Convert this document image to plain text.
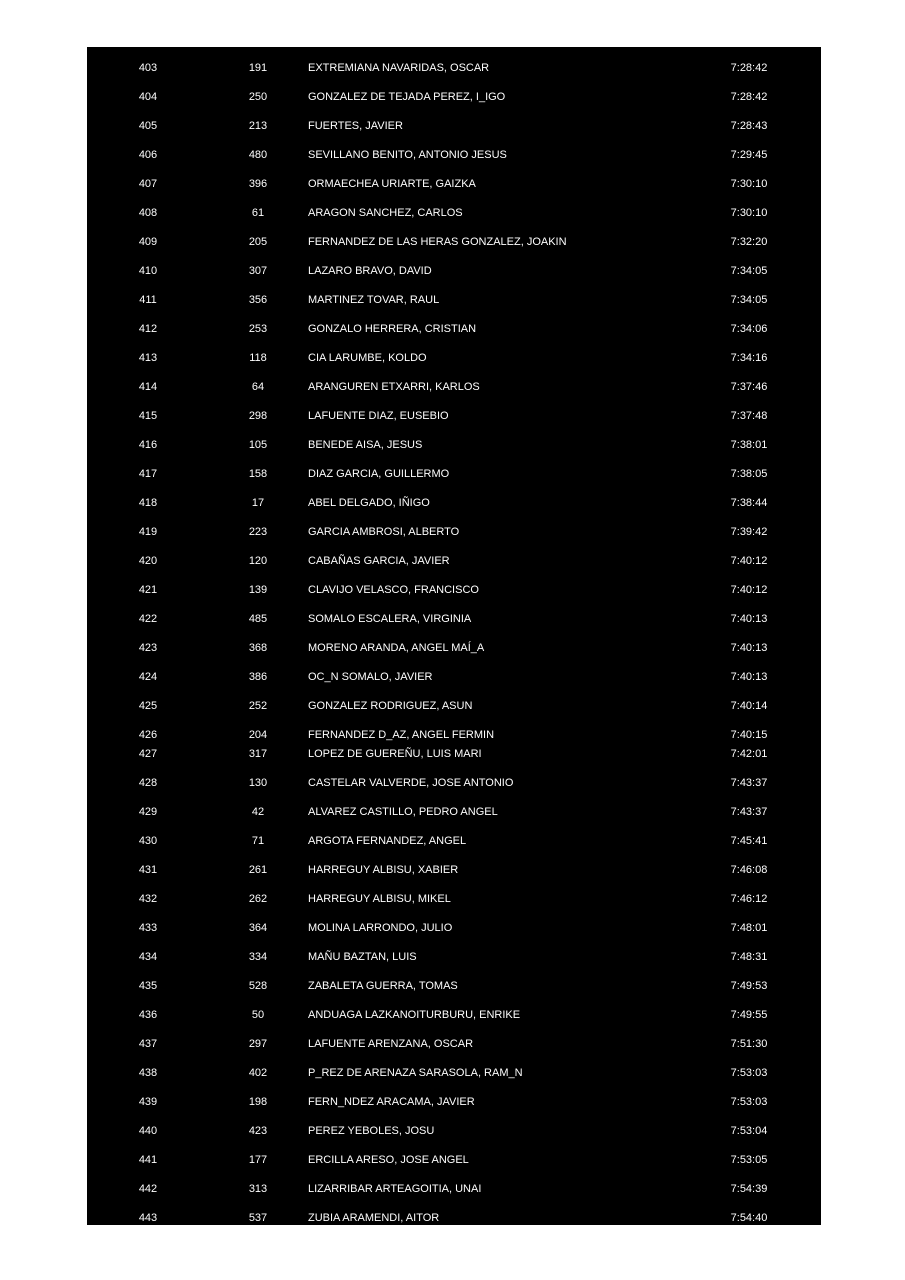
403	191	EXTREMIANA NAVARIDAS, OSCAR	7:28:42
404	250	GONZALEZ DE TEJADA PEREZ, I_IGO	7:28:42
405	213	FUERTES, JAVIER	7:28:43
406	480	SEVILLANO BENITO, ANTONIO JESUS	7:29:45
407	396	ORMAECHEA URIARTE, GAIZKA	7:30:10
408	61	ARAGON SANCHEZ, CARLOS	7:30:10
409	205	FERNANDEZ DE LAS HERAS GONZALEZ, JOAKIN	7:32:20
410	307	LAZARO BRAVO, DAVID	7:34:05
411	356	MARTINEZ TOVAR, RAUL	7:34:05
412	253	GONZALO HERRERA, CRISTIAN	7:34:06
413	118	CIA LARUMBE, KOLDO	7:34:16
414	64	ARANGUREN ETXARRI, KARLOS	7:37:46
415	298	LAFUENTE DIAZ, EUSEBIO	7:37:48
416	105	BENEDE AISA, JESUS	7:38:01
417	158	DIAZ GARCIA, GUILLERMO	7:38:05
418	17	ABEL DELGADO, IÑIGO	7:38:44
419	223	GARCIA AMBROSI, ALBERTO	7:39:42
420	120	CABAÑAS GARCIA, JAVIER	7:40:12
421	139	CLAVIJO VELASCO, FRANCISCO	7:40:12
422	485	SOMALO ESCALERA, VIRGINIA	7:40:13
423	368	MORENO ARANDA, ANGEL MAÍ_A	7:40:13
424	386	OC_N SOMALO, JAVIER	7:40:13
425	252	GONZALEZ RODRIGUEZ, ASUN	7:40:14
426	204	FERNANDEZ D_AZ, ANGEL FERMIN	7:40:15
427	317	LOPEZ DE GUEREÑU, LUIS MARI	7:42:01
428	130	CASTELAR VALVERDE, JOSE ANTONIO	7:43:37
429	42	ALVAREZ CASTILLO, PEDRO ANGEL	7:43:37
430	71	ARGOTA FERNANDEZ, ANGEL	7:45:41
431	261	HARREGUY ALBISU, XABIER	7:46:08
432	262	HARREGUY ALBISU, MIKEL	7:46:12
433	364	MOLINA LARRONDO, JULIO	7:48:01
434	334	MAÑU BAZTAN, LUIS	7:48:31
435	528	ZABALETA GUERRA, TOMAS	7:49:53
436	50	ANDUAGA LAZKANOITURBURU, ENRIKE	7:49:55
437	297	LAFUENTE ARENZANA, OSCAR	7:51:30
438	402	P_REZ DE ARENAZA SARASOLA, RAM_N	7:53:03
439	198	FERN_NDEZ ARACAMA, JAVIER	7:53:03
440	423	PEREZ YEBOLES, JOSU	7:53:04
441	177	ERCILLA ARESO, JOSE ANGEL	7:53:05
442	313	LIZARRIBAR ARTEAGOITIA, UNAI	7:54:39
443	537	ZUBIA ARAMENDI, AITOR	7:54:40
